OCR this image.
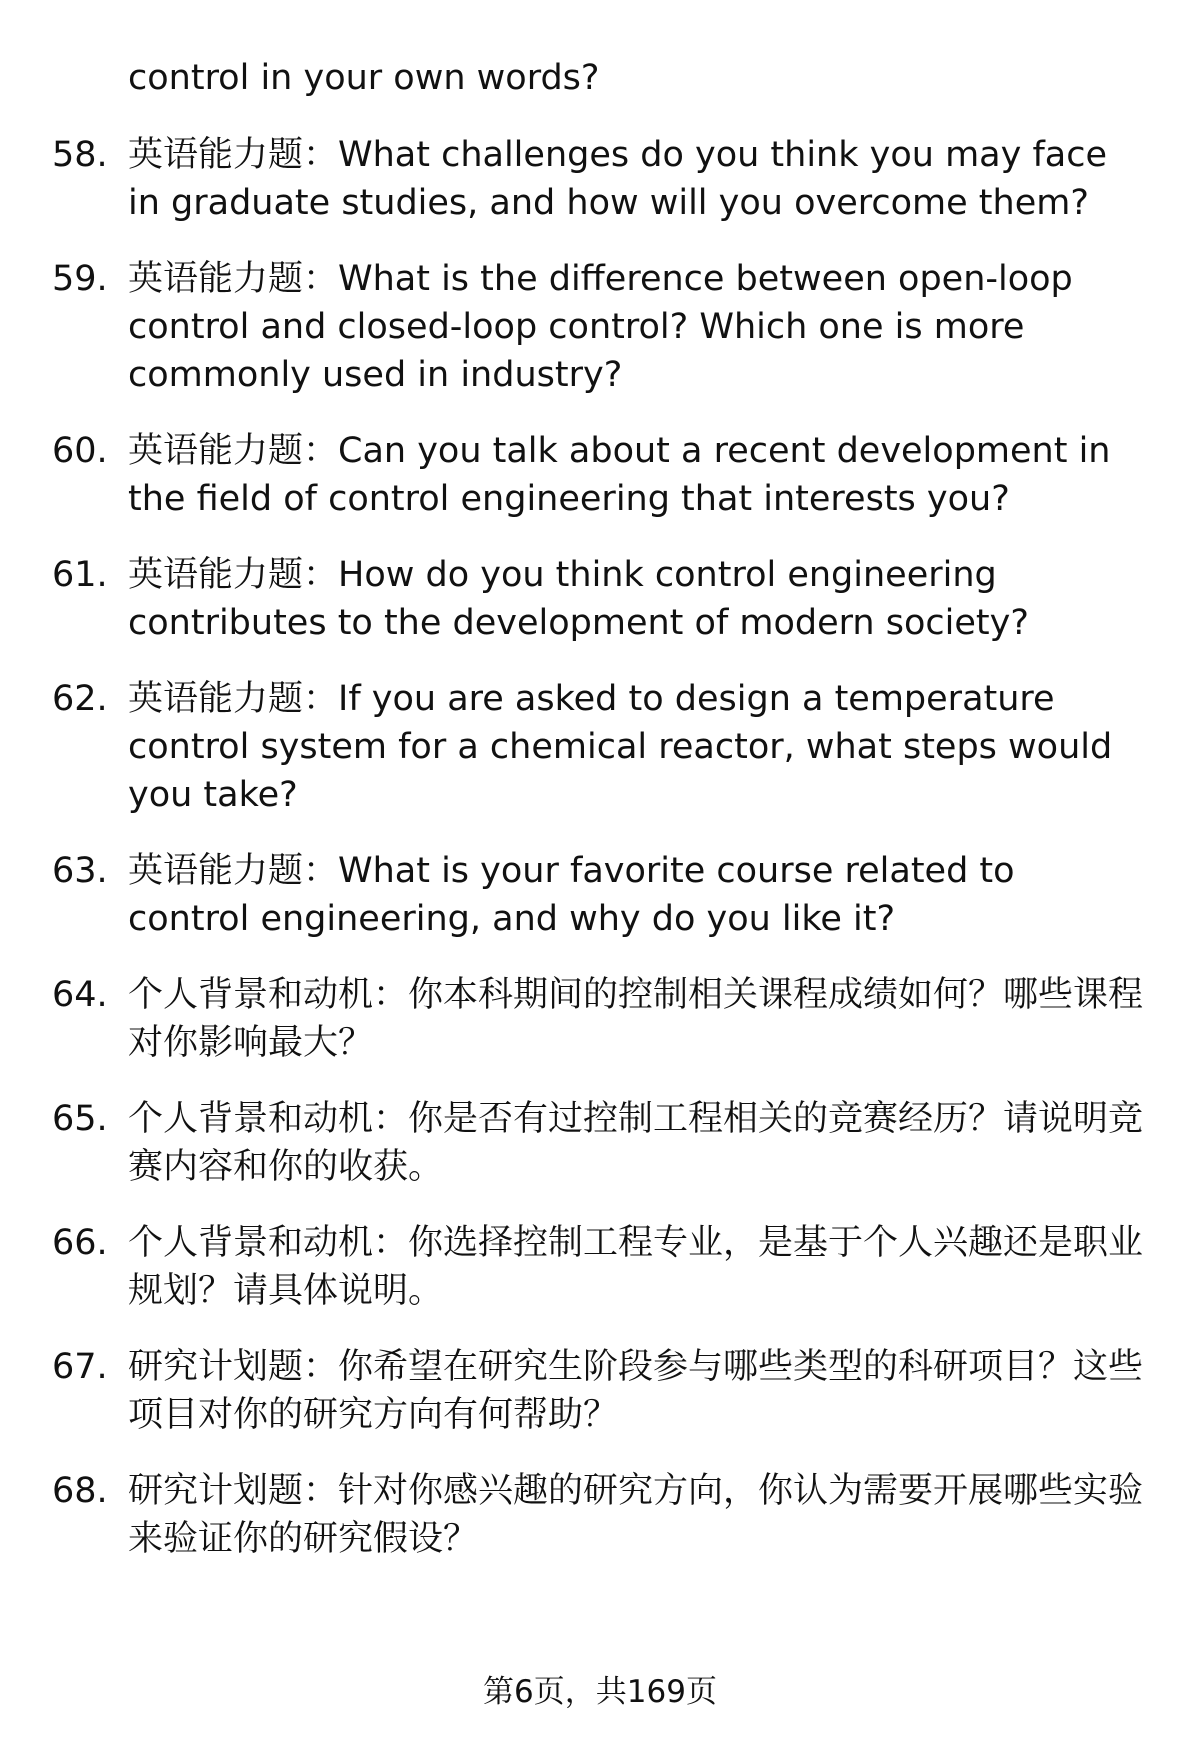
control in your own words?
58. 英语能力题：What challenges do you think you may face in graduate studies, and how will you overcome them?
59. 英语能力题：What is the difference between open-loop control and closed-loop control? Which one is more commonly used in industry?
60. 英语能力题：Can you talk about a recent development in the field of control engineering that interests you?
61. 英语能力题：How do you think control engineering contributes to the development of modern society?
62. 英语能力题：If you are asked to design a temperature control system for a chemical reactor, what steps would you take?
63. 英语能力题：What is your favorite course related to control engineering, and why do you like it?
64. 个人背景和动机：你本科期间的控制相关课程成绩如何？哪些课程对你影响最大？
65. 个人背景和动机：你是否有过控制工程相关的竞赛经历？请说明竞赛内容和你的收获。
66. 个人背景和动机：你选择控制工程专业，是基于个人兴趣还是职业规划？请具体说明。
67. 研究计划题：你希望在研究生阶段参与哪些类型的科研项目？这些项目对你的研究方向有何帮助？
68. 研究计划题：针对你感兴趣的研究方向，你认为需要开展哪些实验来验证你的研究假设？
第6页，共169页
